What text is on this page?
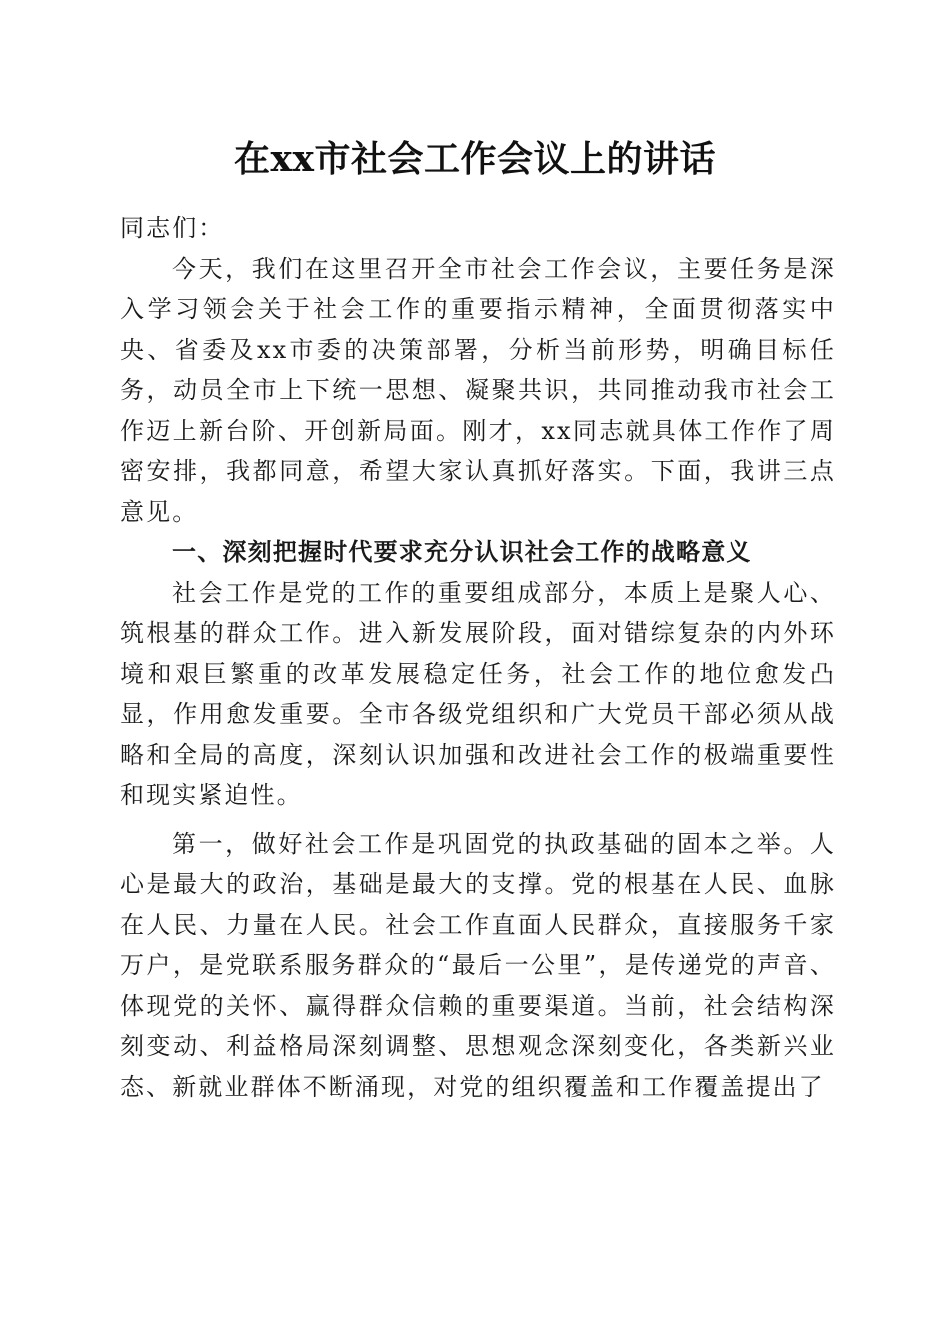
在xx市社会工作会议上的讲话

同志们：

今天，我们在这里召开全市社会工作会议，主要任务是深入学习领会关于社会工作的重要指示精神，全面贯彻落实中央、省委及xx市委的决策部署，分析当前形势，明确目标任务，动员全市上下统一思想、凝聚共识，共同推动我市社会工作迈上新台阶、开创新局面。刚才，xx同志就具体工作作了周密安排，我都同意，希望大家认真抓好落实。下面，我讲三点意见。

一、深刻把握时代要求充分认识社会工作的战略意义

社会工作是党的工作的重要组成部分，本质上是聚人心、筑根基的群众工作。进入新发展阶段，面对错综复杂的内外环境和艰巨繁重的改革发展稳定任务，社会工作的地位愈发凸显，作用愈发重要。全市各级党组织和广大党员干部必须从战略和全局的高度，深刻认识加强和改进社会工作的极端重要性和现实紧迫性。

第一，做好社会工作是巩固党的执政基础的固本之举。人心是最大的政治，基础是最大的支撑。党的根基在人民、血脉在人民、力量在人民。社会工作直面人民群众，直接服务千家万户，是党联系服务群众的“最后一公里”，是传递党的声音、体现党的关怀、赢得群众信赖的重要渠道。当前，社会结构深刻变动、利益格局深刻调整、思想观念深刻变化，各类新兴业态、新就业群体不断涌现，对党的组织覆盖和工作覆盖提出了
